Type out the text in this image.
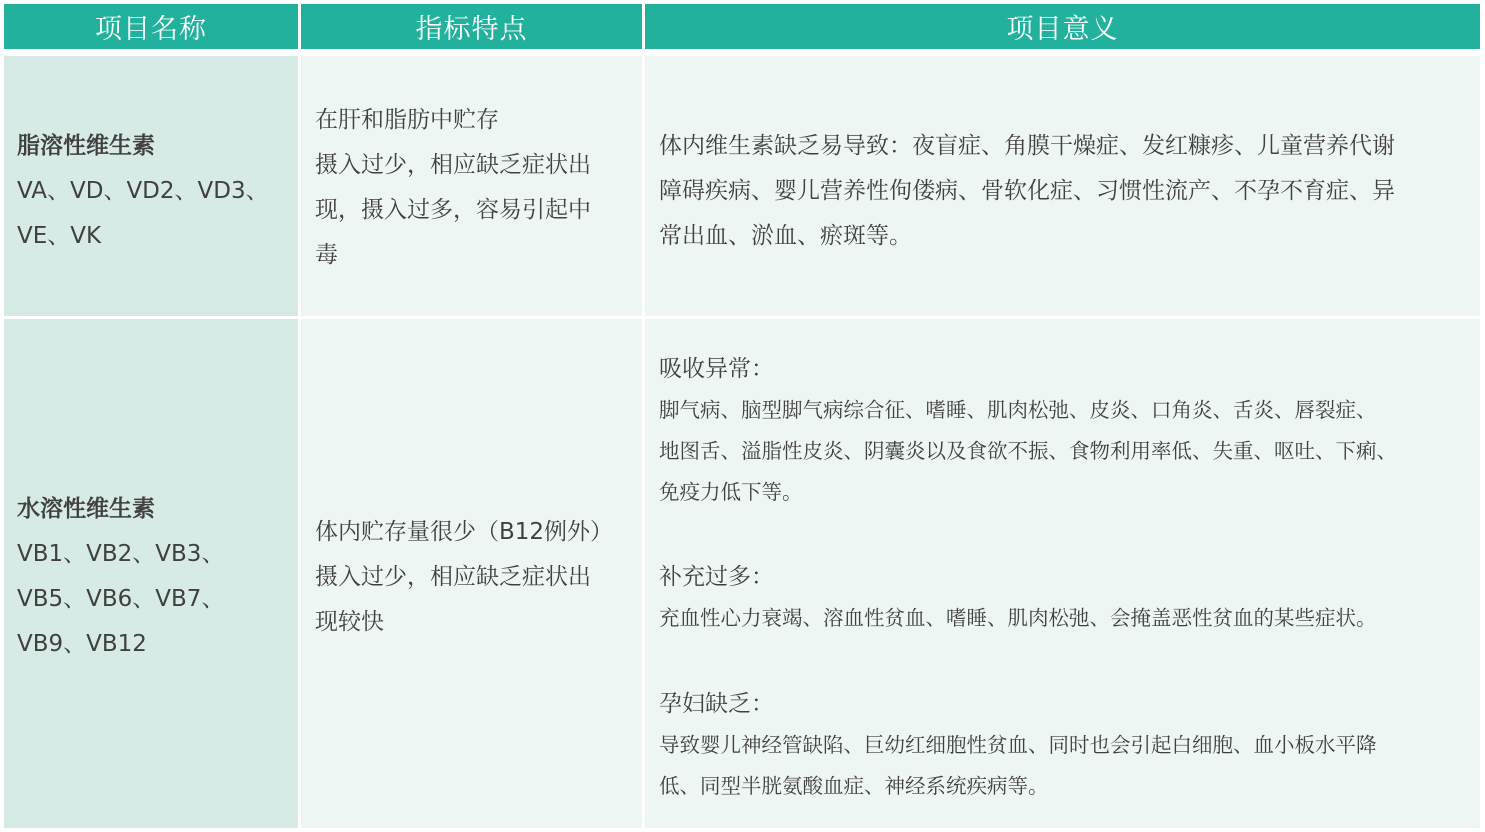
项目名称	指标特点	项目意义
脂溶性维生素
VA、VD、VD2、VD3、
VE、VK
在肝和脂肪中贮存
摄入过少，相应缺乏症状出
现，摄入过多，容易引起中
毒
体内维生素缺乏易导致：夜盲症、角膜干燥症、发红糠疹、儿童营养代谢
障碍疾病、婴儿营养性佝偻病、骨软化症、习惯性流产、不孕不育症、异
常出血、淤血、瘀斑等。
水溶性维生素
VB1、VB2、VB3、
VB5、VB6、VB7、
VB9、VB12
体内贮存量很少（B12例外）
摄入过少，相应缺乏症状出
现较快
吸收异常：
脚气病、脑型脚气病综合征、嗜睡、肌肉松弛、皮炎、口角炎、舌炎、唇裂症、
地图舌、溢脂性皮炎、阴囊炎以及食欲不振、食物利用率低、失重、呕吐、下痢、
免疫力低下等。
补充过多：
充血性心力衰竭、溶血性贫血、嗜睡、肌肉松弛、会掩盖恶性贫血的某些症状。
孕妇缺乏：
导致婴儿神经管缺陷、巨幼红细胞性贫血、同时也会引起白细胞、血小板水平降
低、同型半胱氨酸血症、神经系统疾病等。
